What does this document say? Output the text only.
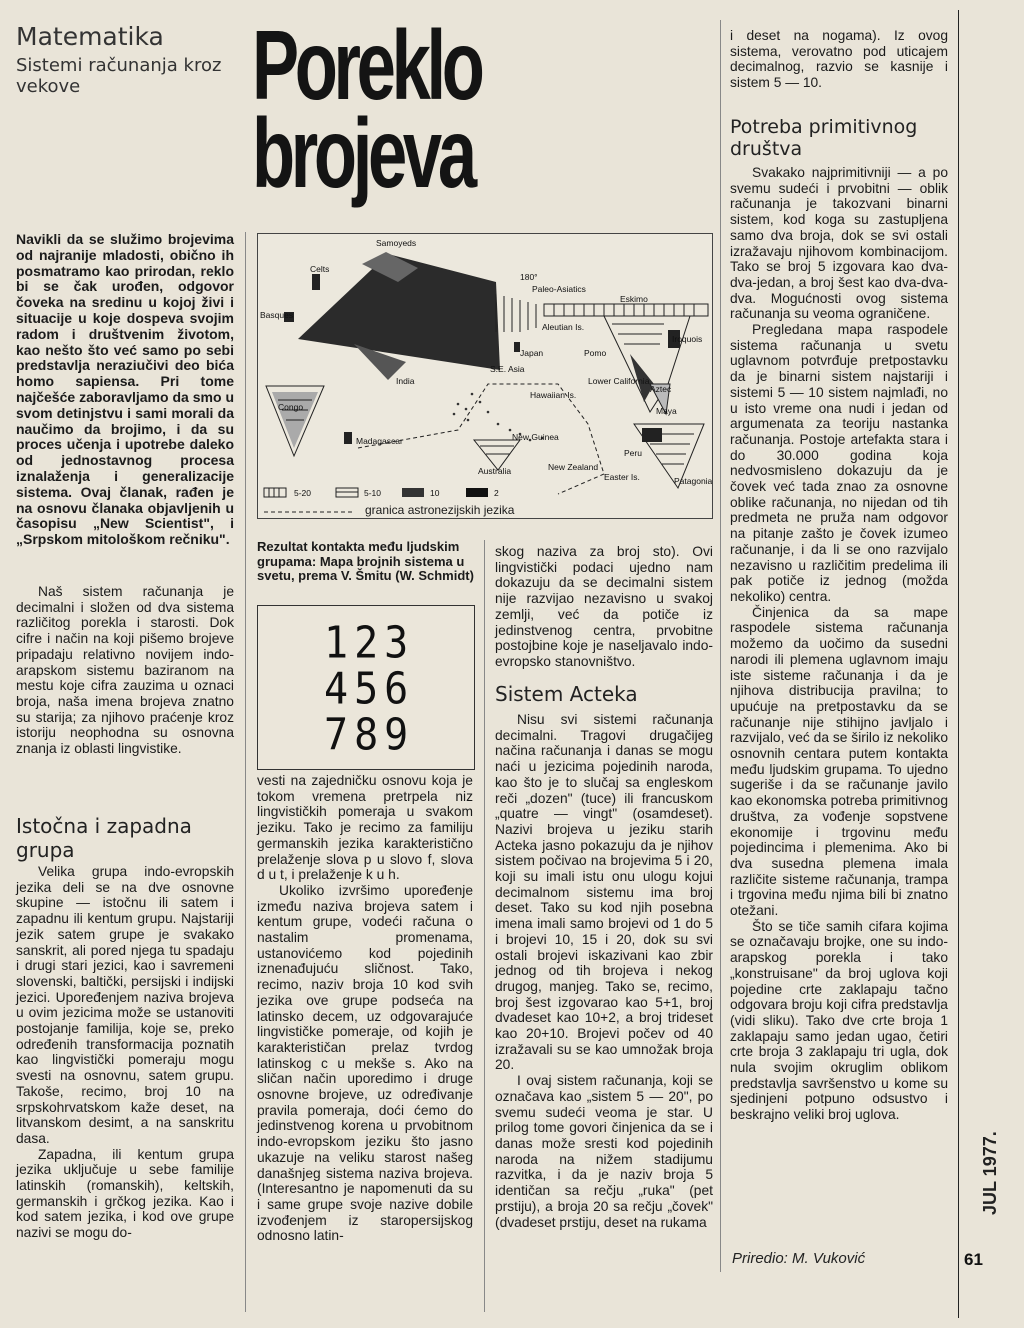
Matematika
Sistemi računanja kroz vekove	Poreklo
brojeva
Navikli da se služimo brojevima od najranije mladosti, obično ih posmatramo kao prirodan, reklo bi se čak urođen, odgovor čoveka na sredinu u kojoj živi i situacije u koje dospeva svojim radom i društvenim životom, kao nešto što već samo po sebi predstavlja neraziučivi deo bića homo sapiensa. Pri tome najčešće zaboravljamo da smo u svom detinjstvu i sami morali da naučimo da brojimo, i da su proces učenja i upotrebe daleko od jednostavnog procesa iznalaženja i generalizacije sistema. Ovaj članak, rađen je na osnovu članaka objavljenih u časopisu „New Scientist", i „Srpskom mitološkom rečniku".

Naš sistem računanja je decimalni i složen od dva sistema različitog porekla i starosti. Dok cifre i način na koji pišemo brojeve pripadaju relativno novijem indo-arapskom sistemu baziranom na mestu koje cifra zauzima u oznaci broja, naša imena brojeva znatno su starija; za njihovo praćenje kroz istoriju neophodna su osnovna znanja iz oblasti lingvistike.

Istočna i zapadna grupa

Velika grupa indo-evropskih jezika deli se na dve osnovne skupine — istočnu ili satem i zapadnu ili kentum grupu. Najstariji jezik satem grupe je svakako sanskrit, ali pored njega tu spadaju i drugi stari jezici, kao i savremeni slovenski, baltički, persijski i indijski jezici. Upoređenjem naziva brojeva u ovim jezicima može se ustanoviti postojanje familija, koje se, preko određenih transformacija poznatih kao lingvistički pomeraju mogu svesti na osnovnu, satem grupu. Takoše, recimo, broj 10 na srpskohrvatskom kaže deset, na litvanskom desimt, a na sanskritu dasa.

Zapadna, ili kentum grupa jezika uključuje u sebe familije latinskih (romanskih), keltskih, germanskih i grčkog jezika. Kao i kod satem jezika, i kod ove grupe nazivi se mogu do-

Samoyeds
Celts
180°
Paleo-Asiatics
Eskimo
Basques
Aleutian Is.
Iroquois
Japan	Pomo
S.E. Asia
India	Lower California
Aztec
Hawaiian Is.
Congo	Maya
New Guinea
Madagascar
Peru
Australia	New Zealand
Easter Is.	Patagonia
5-20	5-10	10	2
granica astronezijskih jezika
Rezultat kontakta među ljudskim grupama: Mapa brojnih sistema u svetu, prema V. Šmitu (W. Schmidt)
123
456
789

vesti na zajedničku osnovu koja je tokom vremena pretrpela niz lingvističkih pomeraja u svakom jeziku. Tako je recimo za familiju germanskih jezika karakteristično prelaženje slova p u slovo f, slova d u t, i prelaženje k u h.

Ukoliko izvršimo upoređenje između naziva brojeva satem i kentum grupe, vodeći računa o nastalim promenama, ustanovićemo kod pojedinih iznenađujuću sličnost. Tako, recimo, naziv broja 10 kod svih jezika ove grupe podseća na latinsko decem, uz odgovarajuće lingvističke pomeraje, od kojih je karakterističan prelaz tvrdog latinskog c u mekše s. Ako na sličan način uporedimo i druge osnovne brojeve, uz određivanje pravila pomeraja, doći ćemo do jedinstvenog korena u prvobitnom indo-evropskom jeziku što jasno ukazuje na veliku starost našeg današnjeg sistema naziva brojeva. (Interesantno je napomenuti da su i same grupe svoje nazive dobile izvođenjem iz staropersijskog odnosno latin-

skog naziva za broj sto). Ovi lingvistički podaci ujedno nam dokazuju da se decimalni sistem nije razvijao nezavisno u svakoj zemlji, već da potiče iz jedinstvenog centra, prvobitne postojbine koje je naseljavalo indo-evropsko stanovništvo.

Sistem Acteka

Nisu svi sistemi računanja decimalni. Tragovi drugačijeg načina računanja i danas se mogu naći u jezicima pojedinih naroda, kao što je to slučaj sa engleskom reči „dozen" (tuce) ili francuskom „quatre — vingt" (osamdeset). Nazivi brojeva u jeziku starih Acteka jasno pokazuju da je njihov sistem počivao na brojevima 5 i 20, koji su imali istu onu ulogu kojui decimalnom sistemu ima broj deset. Tako su kod njih posebna imena imali samo brojevi od 1 do 5 i brojevi 10, 15 i 20, dok su svi ostali brojevi iskazivani kao zbir jednog od tih brojeva i nekog drugog, manjeg. Tako se, recimo, broj šest izgovarao kao 5+1, broj dvadeset kao 10+2, a broj trideset kao 20+10. Brojevi počev od 40 izražavali su se kao umnožak broja 20.

I ovaj sistem računanja, koji se označava kao „sistem 5 — 20", po svemu sudeći veoma je star. U prilog tome govori činjenica da se i danas može sresti kod pojedinih naroda na nižem stadijumu razvitka, i da je naziv broja 5 identičan sa rečju „ruka" (pet prstiju), a broja 20 sa rečju „čovek" (dvadeset prstiju, deset na rukama

i deset na nogama). Iz ovog sistema, verovatno pod uticajem decimalnog, razvio se kasnije i sistem 5 — 10.

Potreba primitivnog društva

Svakako najprimitivniji — a po svemu sudeći i prvobitni — oblik računanja je takozvani binarni sistem, kod koga su zastupljena samo dva broja, dok se svi ostali izražavaju njihovom kombinacijom. Tako se broj 5 izgovara kao dva-dva-jedan, a broj šest kao dva-dva-dva. Mogućnosti ovog sistema računanja su veoma ograničene.

Pregledana mapa raspodele sistema računanja u svetu uglavnom potvrđuje pretpostavku da je binarni sistem najstariji i sistemi 5 — 10 sistem najmlađi, no u isto vreme ona nudi i jedan od argumenata za teoriju nastanka računanja. Postoje artefakta stara i do 30.000 godina koja nedvosmisleno dokazuju da je čovek već tada znao za osnovne oblike računanja, no nijedan od tih predmeta ne pruža nam odgovor na pitanje zašto je čovek izumeo računanje, i da li se ono razvijalo nezavisno u različitim predelima ili pak potiče iz jednog (možda nekoliko) centra.

Činjenica da sa mape raspodele sistema računanja možemo da uočimo da susedni narodi ili plemena uglavnom imaju iste sisteme računanja i da je njihova distribucija pravilna; to upućuje na pretpostavku da se računanje nije stihijno javljalo i razvijalo, već da se širilo iz nekoliko osnovnih centara putem kontakta među ljudskim grupama. To ujedno sugeriše i da se računanje javilo kao ekonomska potreba primitivnog društva, za vođenje sopstvene ekonomije i trgovinu među pojedincima i plemenima. Ako bi dva susedna plemena imala različite sisteme računanja, trampa i trgovina među njima bili bi znatno otežani.

Što se tiče samih cifara kojima se označavaju brojke, one su indo-arapskog porekla i tako „konstruisane" da broj uglova koji pojedine crte zaklapaju tačno odgovara broju koji cifra predstavlja (vidi sliku). Tako dve crte broja 1 zaklapaju samo jedan ugao, četiri crte broja 3 zaklapaju tri ugla, dok nula svojim okruglim oblikom predstavlja savršenstvo u kome su sjedinjeni potpuno odsustvo i beskrajno veliki broj uglova.

Priredio: M. Vuković
JUL 1977.
61
